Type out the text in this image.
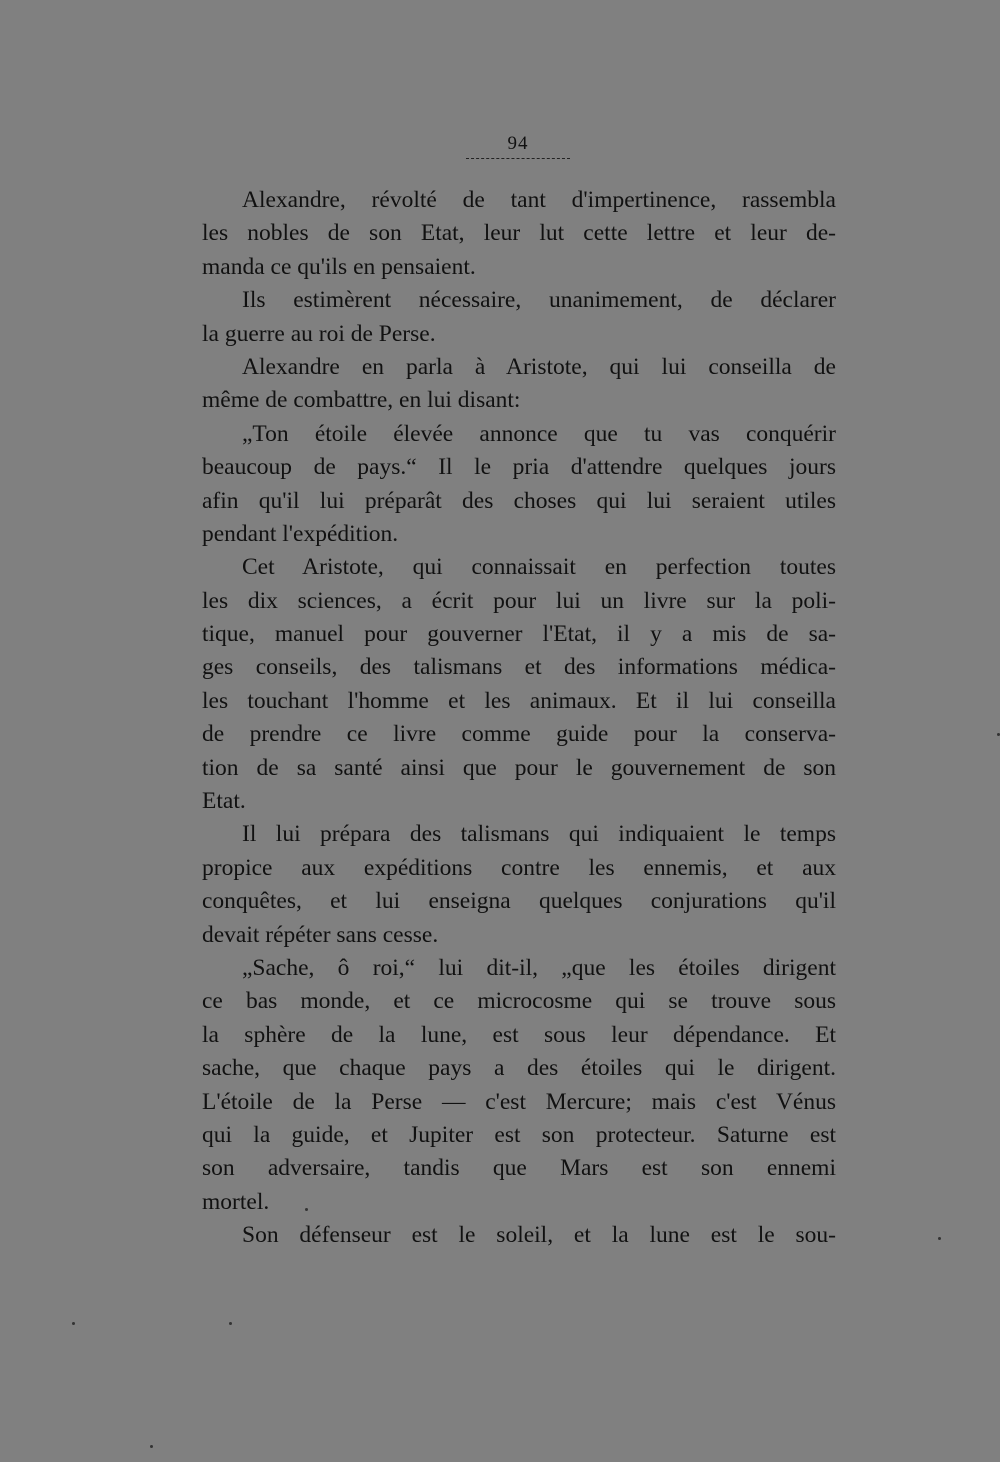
94
Alexandre, révolté de tant d'impertinence, rassembla
les nobles de son Etat, leur lut cette lettre et leur de-
manda ce qu'ils en pensaient.
Ils estimèrent nécessaire, unanimement, de déclarer
la guerre au roi de Perse.
Alexandre en parla à Aristote, qui lui conseilla de
même de combattre, en lui disant:
„Ton étoile élevée annonce que tu vas conquérir
beaucoup de pays.“ Il le pria d'attendre quelques jours
afin qu'il lui préparât des choses qui lui seraient utiles
pendant l'expédition.
Cet Aristote, qui connaissait en perfection toutes
les dix sciences, a écrit pour lui un livre sur la poli-
tique, manuel pour gouverner l'Etat, il y a mis de sa-
ges conseils, des talismans et des informations médica-
les touchant l'homme et les animaux. Et il lui conseilla
de prendre ce livre comme guide pour la conserva-
tion de sa santé ainsi que pour le gouvernement de son
Etat.
Il lui prépara des talismans qui indiquaient le temps
propice aux expéditions contre les ennemis, et aux
conquêtes, et lui enseigna quelques conjurations qu'il
devait répéter sans cesse.
„Sache, ô roi,“ lui dit-il, „que les étoiles dirigent
ce bas monde, et ce microcosme qui se trouve sous
la sphère de la lune, est sous leur dépendance. Et
sache, que chaque pays a des étoiles qui le dirigent.
L'étoile de la Perse — c'est Mercure; mais c'est Vénus
qui la guide, et Jupiter est son protecteur. Saturne est
son adversaire, tandis que Mars est son ennemi
mortel.
Son défenseur est le soleil, et la lune est le sou-
